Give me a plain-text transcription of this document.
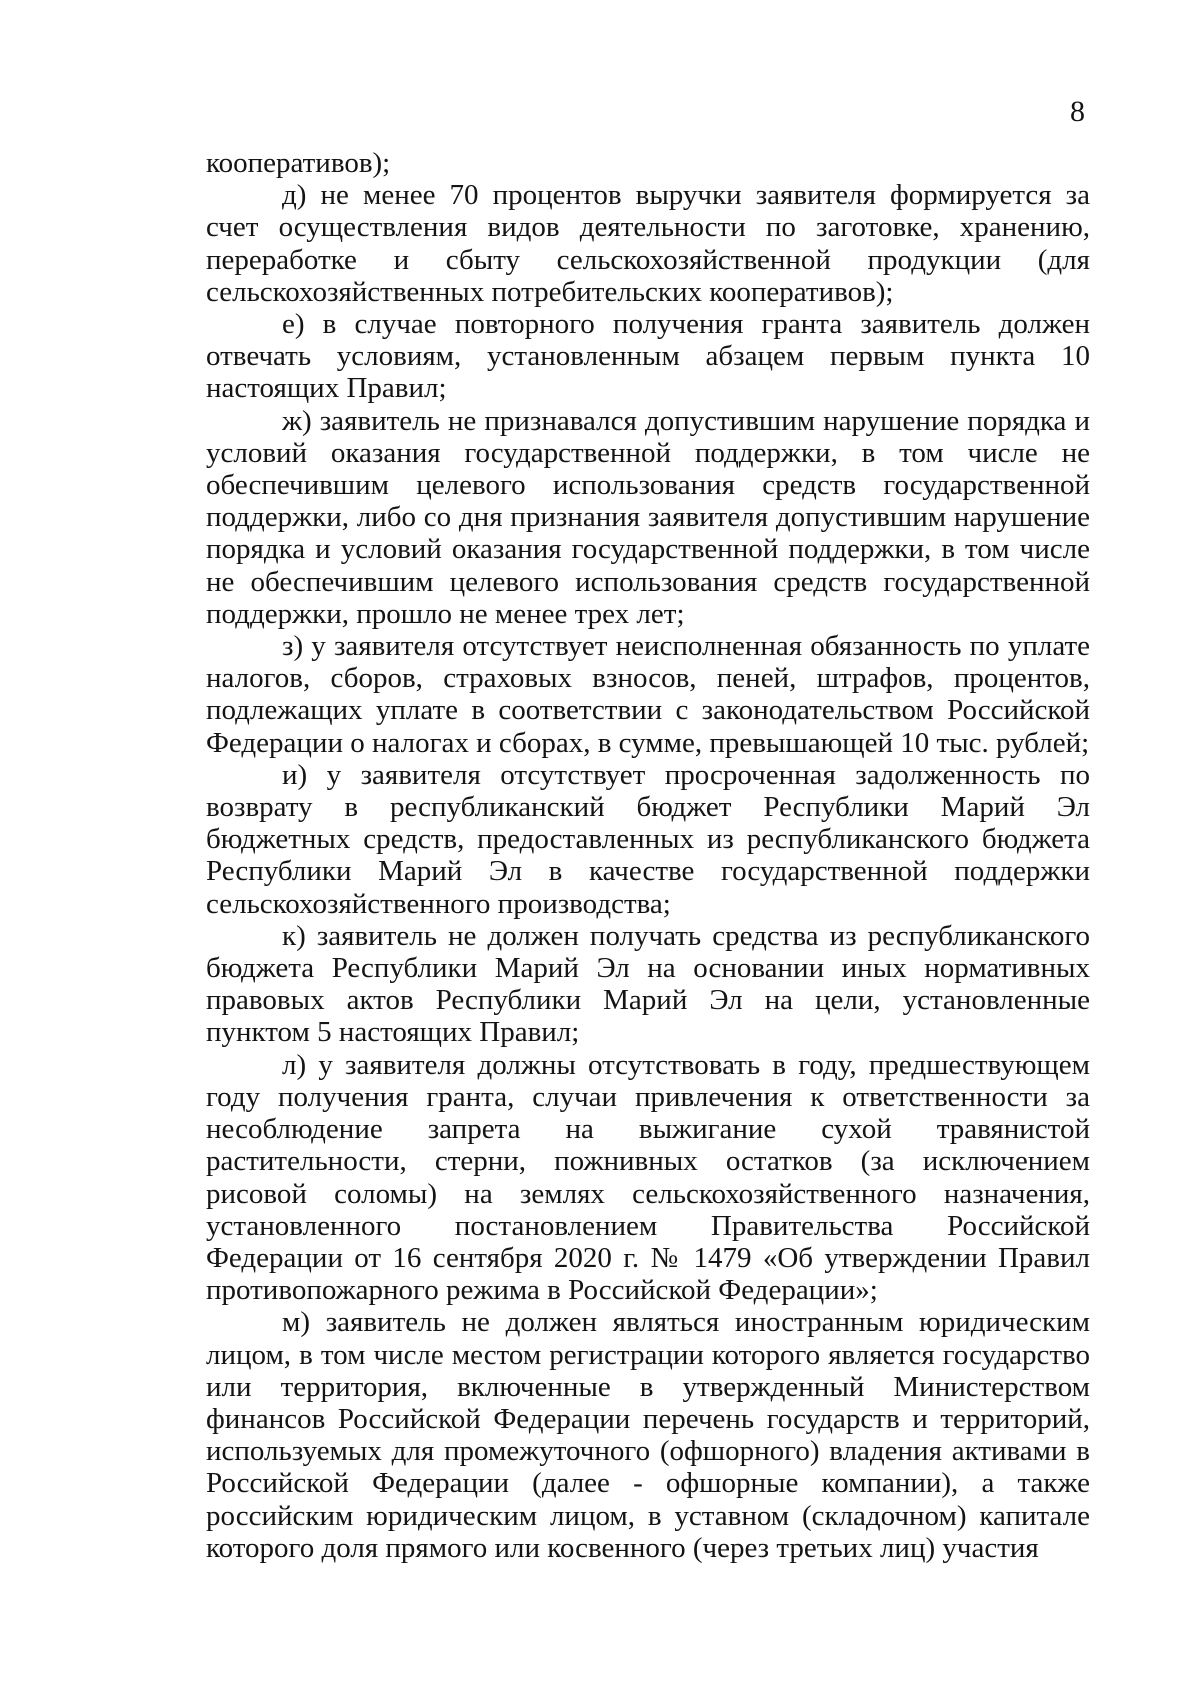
8

кооперативов);

д) не менее 70 процентов выручки заявителя формируется за счет осуществления видов деятельности по заготовке, хранению, переработке и сбыту сельскохозяйственной продукции (для сельскохозяйственных потребительских кооперативов);

е) в случае повторного получения гранта заявитель должен отвечать условиям, установленным абзацем первым пункта 10 настоящих Правил;

ж) заявитель не признавался допустившим нарушение порядка и условий оказания государственной поддержки, в том числе не обеспечившим целевого использования средств государственной поддержки, либо со дня признания заявителя допустившим нарушение порядка и условий оказания государственной поддержки, в том числе не обеспечившим целевого использования средств государственной поддержки, прошло не менее трех лет;

з) у заявителя отсутствует неисполненная обязанность по уплате налогов, сборов, страховых взносов, пеней, штрафов, процентов, подлежащих уплате в соответствии с законодательством Российской Федерации о налогах и сборах, в сумме, превышающей 10 тыс. рублей;

и) у заявителя отсутствует просроченная задолженность по возврату в республиканский бюджет Республики Марий Эл бюджетных средств, предоставленных из республиканского бюджета Республики Марий Эл в качестве государственной поддержки сельскохозяйственного производства;

к) заявитель не должен получать средства из республиканского бюджета Республики Марий Эл на основании иных нормативных правовых актов Республики Марий Эл на цели, установленные пунктом 5 настоящих Правил;

л) у заявителя должны отсутствовать в году, предшествующем году получения гранта, случаи привлечения к ответственности за несоблюдение запрета на выжигание сухой травянистой растительности, стерни, пожнивных остатков (за исключением рисовой соломы) на землях сельскохозяйственного назначения, установленного постановлением Правительства Российской Федерации от 16 сентября 2020 г. № 1479 «Об утверждении Правил противопожарного режима в Российской Федерации»;

м) заявитель не должен являться иностранным юридическим лицом, в том числе местом регистрации которого является государство или территория, включенные в утвержденный Министерством финансов Российской Федерации перечень государств и территорий, используемых для промежуточного (офшорного) владения активами в Российской Федерации (далее - офшорные компании), а также российским юридическим лицом, в уставном (складочном) капитале которого доля прямого или косвенного (через третьих лиц) участия
